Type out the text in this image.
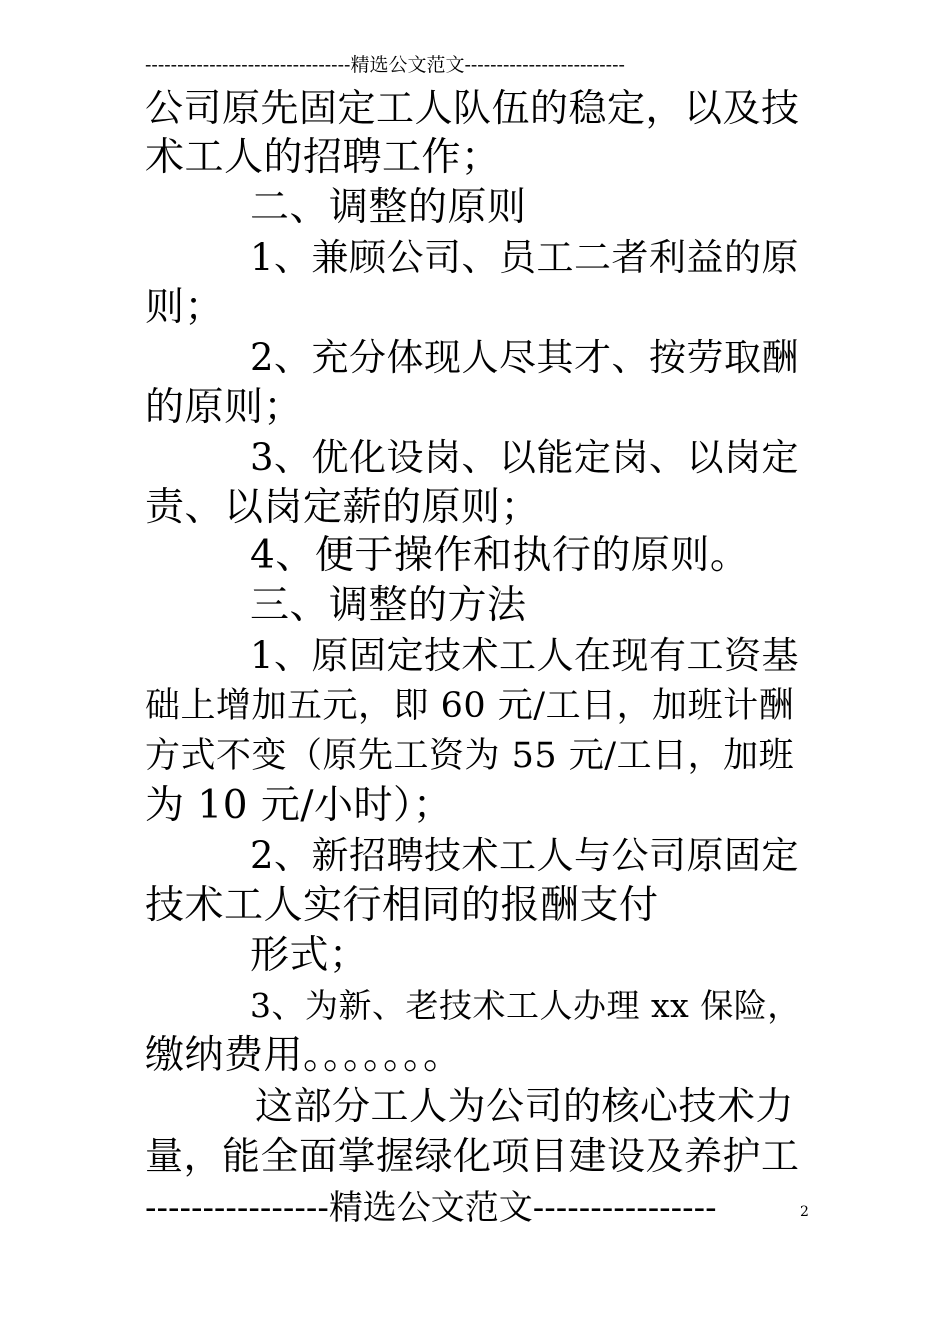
--------------------------------精选公文范文-------------------------
公司原先固定工人队伍的稳定，以及技
术工人的招聘工作；
二、调整的原则
1、兼顾公司、员工二者利益的原
则；
2、充分体现人尽其才、按劳取酬
的原则；
3、优化设岗、以能定岗、以岗定
责、以岗定薪的原则；
4、便于操作和执行的原则。
三、调整的方法
1、原固定技术工人在现有工资基
础上增加五元，即 60 元/工日，加班计酬
方式不变（原先工资为 55 元/工日，加班
为 10 元/小时）；
2、新招聘技术工人与公司原固定
技术工人实行相同的报酬支付
形式；
3、为新、老技术工人办理 xx 保险，
缴纳费用。。。。。。。
这部分工人为公司的核心技术力
量，能全面掌握绿化项目建设及养护工
----------------精选公文范文----------------	2
